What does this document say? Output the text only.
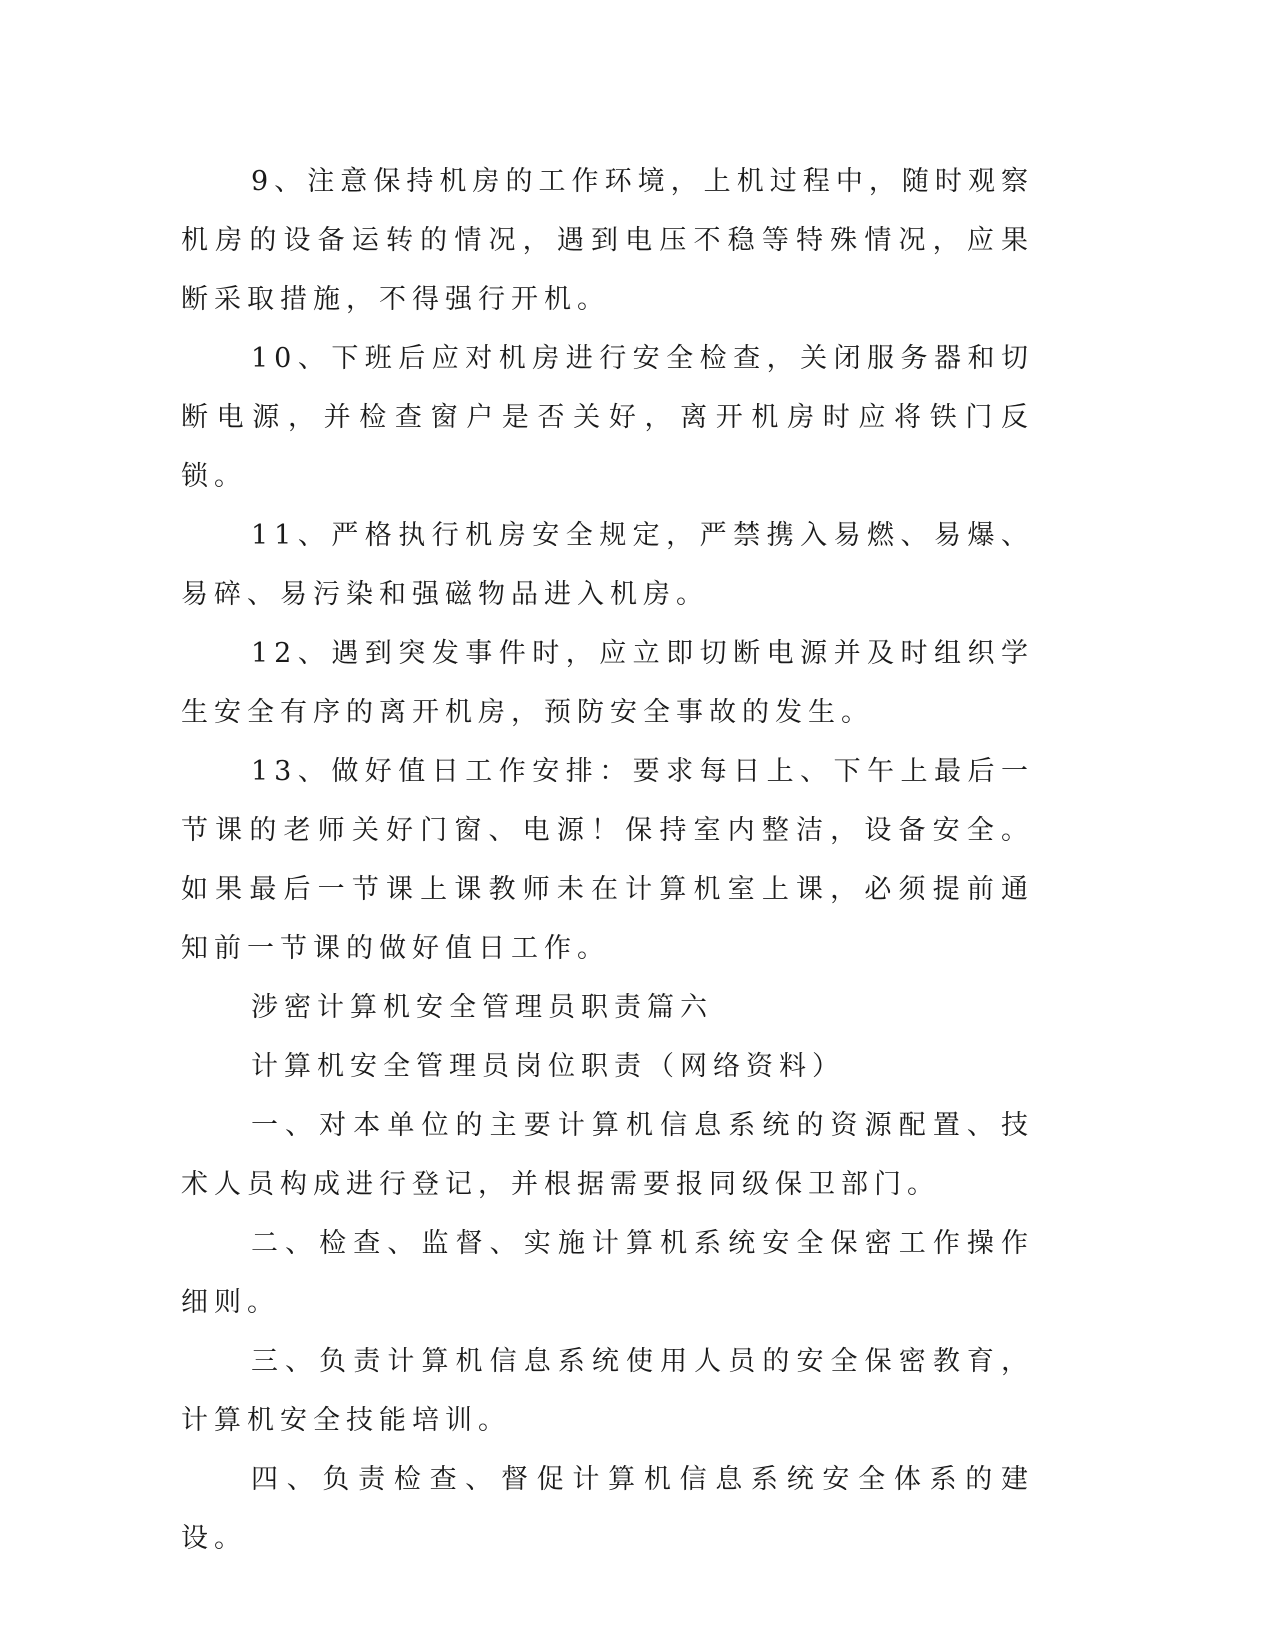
9、注意保持机房的工作环境，上机过程中，随时观察机房的设备运转的情况，遇到电压不稳等特殊情况，应果断采取措施，不得强行开机。

10、下班后应对机房进行安全检查，关闭服务器和切断电源，并检查窗户是否关好，离开机房时应将铁门反锁。

11、严格执行机房安全规定，严禁携入易燃、易爆、易碎、易污染和强磁物品进入机房。

12、遇到突发事件时，应立即切断电源并及时组织学生安全有序的离开机房，预防安全事故的发生。

13、做好值日工作安排：要求每日上、下午上最后一节课的老师关好门窗、电源！保持室内整洁，设备安全。如果最后一节课上课教师未在计算机室上课，必须提前通知前一节课的做好值日工作。

涉密计算机安全管理员职责篇六

计算机安全管理员岗位职责（网络资料）

一、对本单位的主要计算机信息系统的资源配置、技术人员构成进行登记，并根据需要报同级保卫部门。

二、检查、监督、实施计算机系统安全保密工作操作细则。

三、负责计算机信息系统使用人员的安全保密教育，计算机安全技能培训。

四、负责检查、督促计算机信息系统安全体系的建设。
